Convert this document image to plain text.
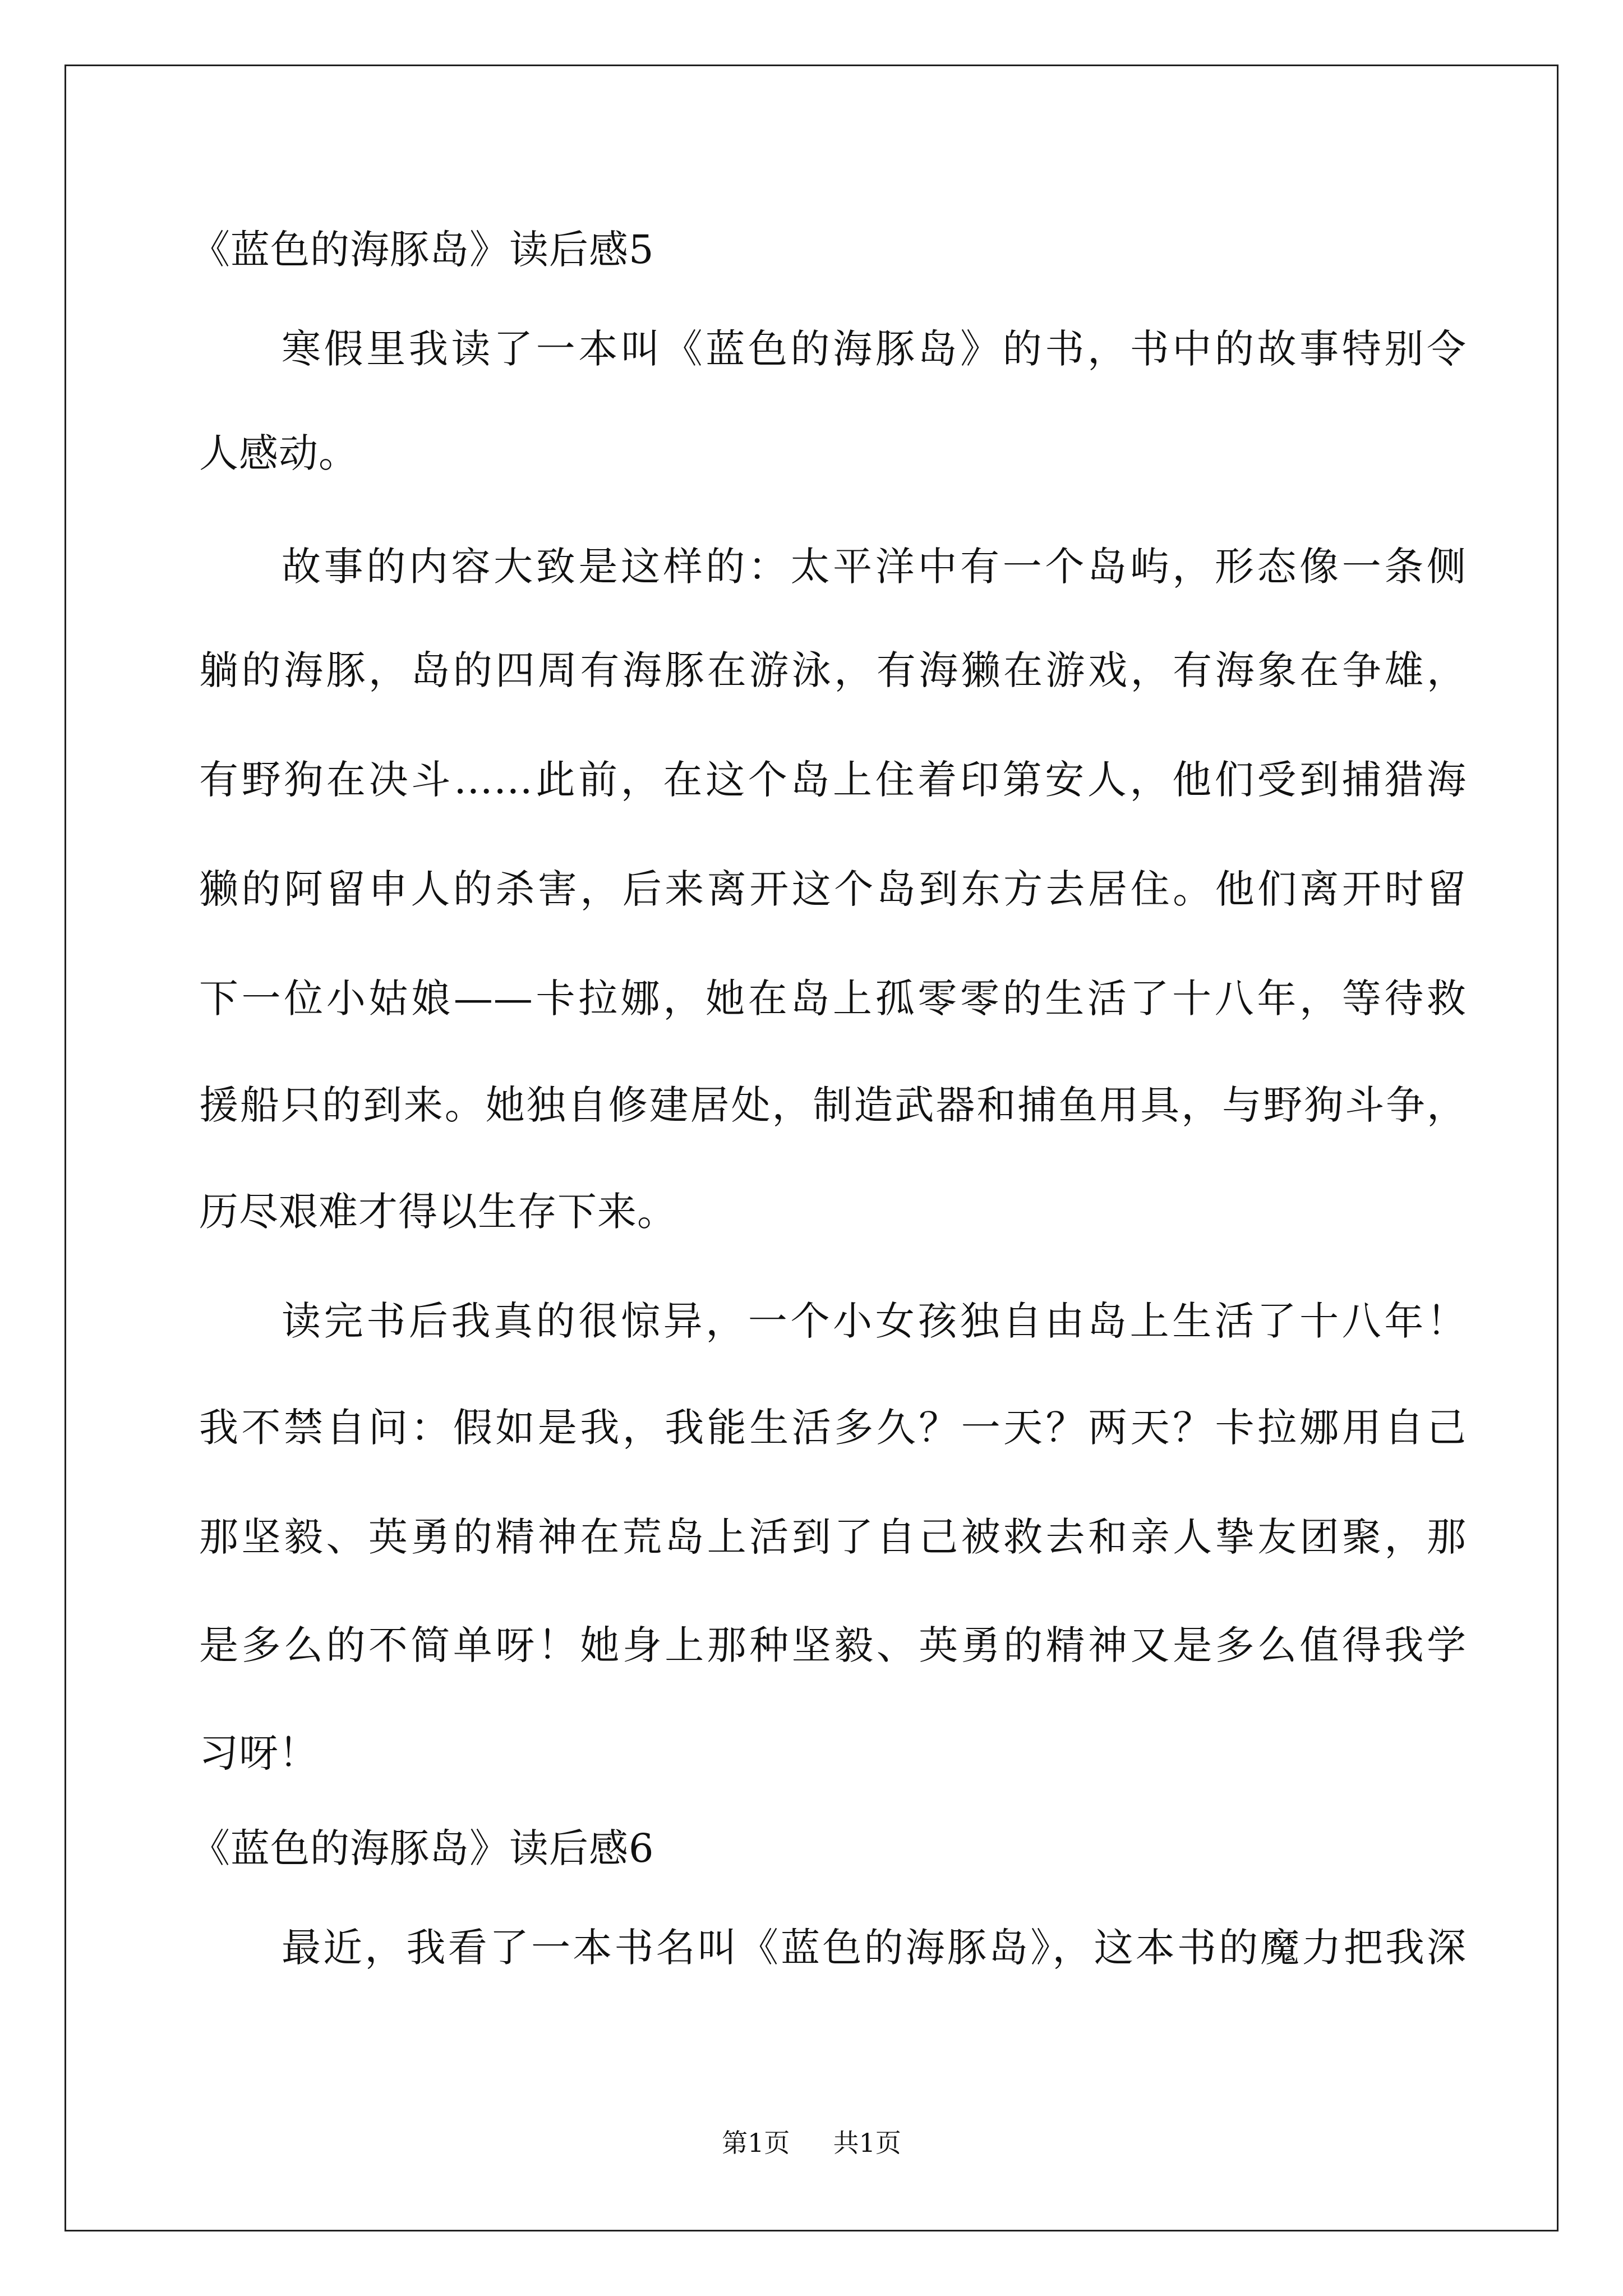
《蓝色的海豚岛》读后感5
寒假里我读了一本叫《蓝色的海豚岛》的书，书中的故事特别令
人感动。
故事的内容大致是这样的：太平洋中有一个岛屿，形态像一条侧
躺的海豚，岛的四周有海豚在游泳，有海獭在游戏，有海象在争雄，
有野狗在决斗……此前，在这个岛上住着印第安人，他们受到捕猎海
獭的阿留申人的杀害，后来离开这个岛到东方去居住。他们离开时留
下一位小姑娘——卡拉娜，她在岛上孤零零的生活了十八年，等待救
援船只的到来。她独自修建居处，制造武器和捕鱼用具，与野狗斗争，
历尽艰难才得以生存下来。
读完书后我真的很惊异，一个小女孩独自由岛上生活了十八年！
我不禁自问：假如是我，我能生活多久？一天？两天？卡拉娜用自己
那坚毅、英勇的精神在荒岛上活到了自己被救去和亲人挚友团聚，那
是多么的不简单呀！她身上那种坚毅、英勇的精神又是多么值得我学
习呀！
《蓝色的海豚岛》读后感6
最近，我看了一本书名叫《蓝色的海豚岛》，这本书的魔力把我深
第1页 共1页
